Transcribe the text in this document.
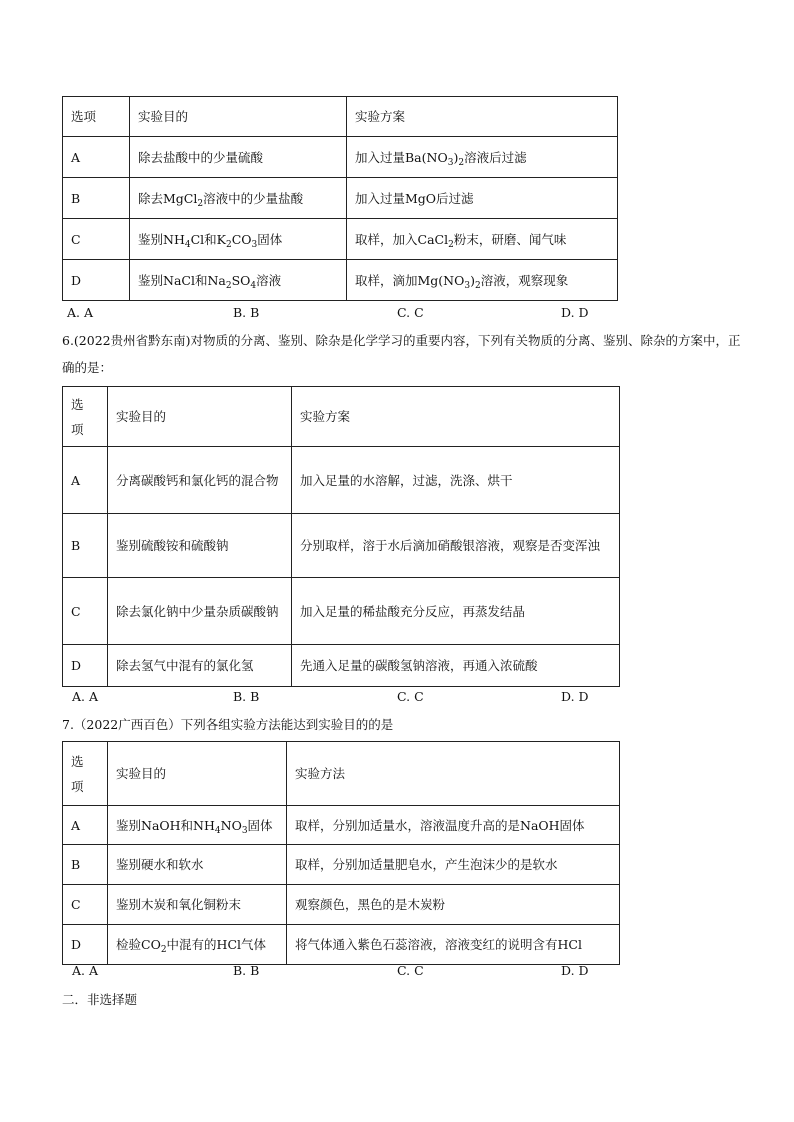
选项	实验目的	实验方案
A	除去盐酸中的少量硫酸	加入过量$Ba(NO_3)_2$溶液后过滤
B	除去MgCl$_2$溶液中的少量盐酸	加入过量MgO后过滤
C	鉴别$NH_4Cl$和$K_2CO_3$固体	取样，加入CaCl$_2$粉末，研磨、闻气味
D	鉴别NaCl和$Na_2SO_4$溶液	取样，滴加$Mg(NO_3)_2$溶液，观察现象
A. A	B. B	C. C	D. D
6.(2022贵州省黔东南)对物质的分离、鉴别、除杂是化学学习的重要内容，下列有关物质的分离、鉴别、除杂的方案中，正确的是：
选
项	实验目的	实验方案
A	分离碳酸钙和氯化钙的混合物	加入足量的水溶解，过滤，洗涤、烘干
B	鉴别硫酸铵和硫酸钠	分别取样，溶于水后滴加硝酸银溶液，观察是否变浑浊
C	除去氯化钠中少量杂质碳酸钠	加入足量的稀盐酸充分反应，再蒸发结晶
D	除去氢气中混有的氯化氢	先通入足量的碳酸氢钠溶液，再通入浓硫酸
A. A	B. B	C. C	D. D
7.（2022广西百色）下列各组实验方法能达到实验目的的是
选
项	实验目的	实验方法
A	鉴别NaOH和$NH_4NO_3$固体	取样，分别加适量水，溶液温度升高的是NaOH固体
B	鉴别硬水和软水	取样，分别加适量肥皂水，产生泡沫少的是软水
C	鉴别木炭和氧化铜粉末	观察颜色，黑色的是木炭粉
D	检验$CO_2$中混有的HCl气体	将气体通入紫色石蕊溶液，溶液变红的说明含有HCl
A. A	B. B	C. C	D. D
二．非选择题
